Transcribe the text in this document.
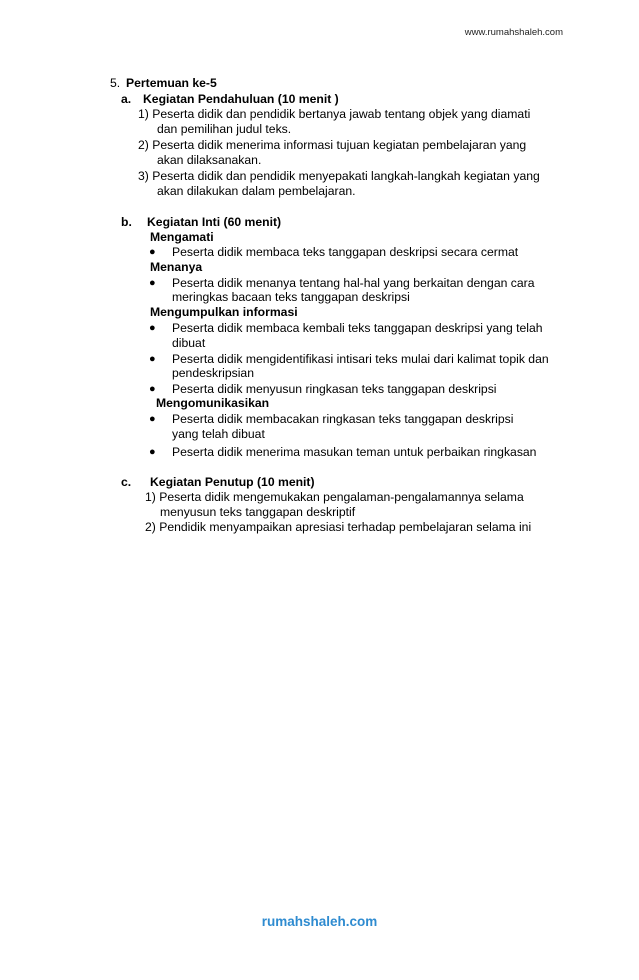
www.rumahshaleh.com
5. Pertemuan ke-5
a. Kegiatan Pendahuluan (10 menit )
1) Peserta didik dan pendidik bertanya jawab tentang objek yang diamati
dan pemilihan judul teks.
2) Peserta didik menerima informasi tujuan kegiatan pembelajaran yang
akan dilaksanakan.
3) Peserta didik dan pendidik menyepakati langkah-langkah kegiatan yang
akan dilakukan dalam pembelajaran.
b. Kegiatan Inti (60 menit)
Mengamati
● Peserta didik membaca teks tanggapan deskripsi secara cermat
Menanya
● Peserta didik menanya tentang hal-hal yang berkaitan dengan cara
meringkas bacaan teks tanggapan deskripsi
Mengumpulkan informasi
● Peserta didik membaca kembali teks tanggapan deskripsi yang telah
dibuat
● Peserta didik mengidentifikasi intisari teks mulai dari kalimat topik dan
pendeskripsian
● Peserta didik menyusun ringkasan teks tanggapan deskripsi
Mengomunikasikan
● Peserta didik membacakan ringkasan teks tanggapan deskripsi
yang telah dibuat
● Peserta didik menerima masukan teman untuk perbaikan ringkasan
c. Kegiatan Penutup (10 menit)
1) Peserta didik mengemukakan pengalaman-pengalamannya selama
menyusun teks tanggapan deskriptif
2) Pendidik menyampaikan apresiasi terhadap pembelajaran selama ini
rumahshaleh.com
